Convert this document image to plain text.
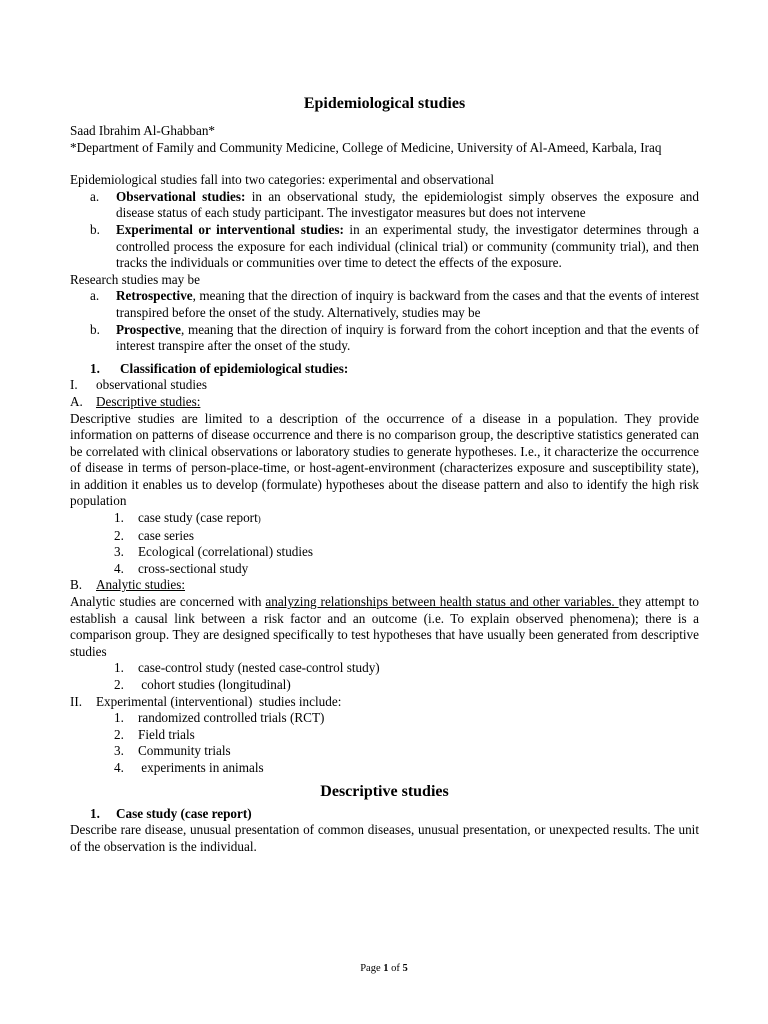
Epidemiological studies

Saad Ibrahim Al-Ghabban*

*Department of Family and Community Medicine, College of Medicine, University of Al-Ameed, Karbala, Iraq

Epidemiological studies fall into two categories: experimental and observational

a.	Observational studies: in an observational study, the epidemiologist simply observes the exposure and disease status of each study participant. The investigator measures but does not intervene
b.	Experimental or interventional studies: in an experimental study, the investigator determines through a controlled process the exposure for each individual (clinical trial) or community (community trial), and then tracks the individuals or communities over time to detect the effects of the exposure.

Research studies may be

a.	Retrospective, meaning that the direction of inquiry is backward from the cases and that the events of interest transpired before the onset of the study. Alternatively, studies may be
b.	Prospective, meaning that the direction of inquiry is forward from the cohort inception and that the events of interest transpire after the onset of the study.
1.	Classification of epidemiological studies:
I.	observational studies
A. Descriptive studies:

Descriptive studies are limited to a description of the occurrence of a disease in a population. They provide information on patterns of disease occurrence and there is no comparison group, the descriptive statistics generated can be correlated with clinical observations or laboratory studies to generate hypotheses. I.e., it characterize the occurrence of disease in terms of person-place-time, or host-agent-environment (characterizes exposure and susceptibility state), in addition it enables us to develop (formulate) hypotheses about the disease pattern and also to identify the high risk population

1.	case study (case report)
2.	case series
3.	Ecological (correlational) studies
4.	cross-sectional study
B.	Analytic studies:

Analytic studies are concerned with analyzing relationships between health status and other variables. they attempt to establish a causal link between a risk factor and an outcome (i.e. To explain observed phenomena); there is a comparison group. They are designed specifically to test hypotheses that have usually been generated from descriptive studies

1.	case-control study (nested case-control study)
2.	cohort studies (longitudinal)
II.	Experimental (interventional)  studies include:
1.	randomized controlled trials (RCT)
2.	Field trials
3.	Community trials
4.	experiments in animals
Descriptive studies
1.	Case study (case report)

Describe rare disease, unusual presentation of common diseases, unusual presentation, or unexpected results. The unit of the observation is the individual.

Page 1 of 5
